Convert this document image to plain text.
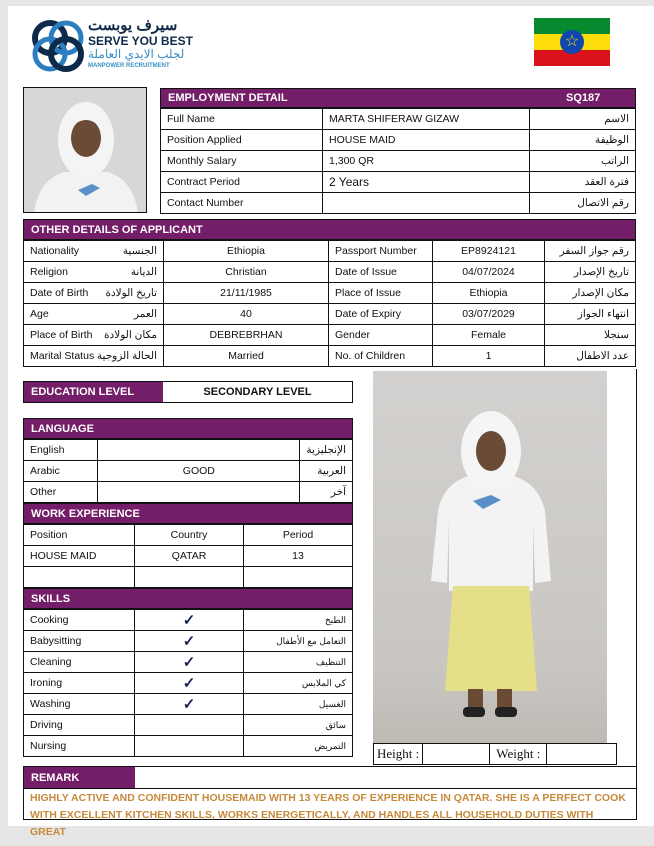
سيرف يوبست
SERVE YOU BEST
لجلب الايدي العاملة
MANPOWER RECRUITMENT
☆
EMPLOYMENT DETAIL	SQ187
Full Name	MARTA SHIFERAW GIZAW	الاسم
Position Applied	HOUSE MAID	الوظيفة
Monthly Salary	1,300 QR	الراتب
Contract Period	2 Years	فترة العقد
Contact Number		رقم الاتصال
OTHER DETAILS OF APPLICANT
Nationality الجنسية	Ethiopia	Passport Number	EP8924121	رقم جواز السفر
Religion الديانة	Christian	Date of Issue	04/07/2024	تاريخ الإصدار
Date of Birth تاريخ الولادة	21/11/1985	Place of Issue	Ethiopia	مكان الإصدار
Age العمر	40	Date of Expiry	03/07/2029	انتهاء الجواز
Place of Birth مكان الولادة	DEBREBRHAN	Gender	Female	سنجلا
Marital Status الحالة الزوجية	Married	No. of Children	1	عدد الاطفال
EDUCATION LEVEL	SECONDARY LEVEL
LANGUAGE
English		الإنجليزية
Arabic	GOOD	العربية
Other		آخر
WORK EXPERIENCE
Position	Country	Period
HOUSE MAID	QATAR	13

SKILLS
Cooking	✓	الطبخ
Babysitting	✓	التعامل مع الأطفال
Cleaning	✓	التنظيف
Ironing	✓	كي الملابس
Washing	✓	الغسيل
Driving		سائق
Nursing		التمريض
Height :		Weight :	
REMARK
HIGHLY ACTIVE AND CONFIDENT HOUSEMAID WITH 13 YEARS OF EXPERIENCE IN QATAR. SHE IS A PERFECT COOK WITH EXCELLENT KITCHEN SKILLS, WORKS ENERGETICALLY, AND HANDLES ALL HOUSEHOLD DUTIES WITH GREAT
